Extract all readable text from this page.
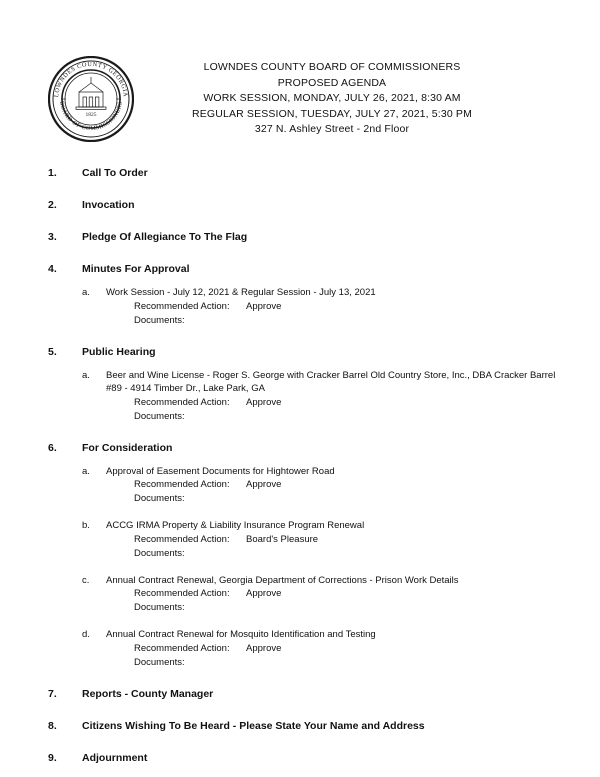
1825
LOWNDES COUNTY GEORGIA
BOARD OF COMMISSIONERS
LOWNDES COUNTY BOARD OF COMMISSIONERS
PROPOSED AGENDA
WORK SESSION, MONDAY, JULY 26, 2021, 8:30 AM
REGULAR SESSION, TUESDAY, JULY 27, 2021, 5:30 PM
327 N. Ashley Street - 2nd Floor
1.	Call To Order
2.	Invocation
3.	Pledge Of Allegiance To The Flag
4.	Minutes For Approval
a.	Work Session - July 12, 2021 & Regular Session - July 13, 2021
Recommended Action:	Approve
Documents:
5.	Public Hearing
a.	Beer and Wine License - Roger S. George with Cracker Barrel Old Country Store, Inc., DBA Cracker Barrel #89 - 4914 Timber Dr., Lake Park, GA
Recommended Action:	Approve
Documents:
6.	For Consideration
a.	Approval of Easement Documents for Hightower Road
Recommended Action:	Approve
Documents:
b.	ACCG IRMA Property & Liability Insurance Program Renewal
Recommended Action:	Board's Pleasure
Documents:
c.	Annual Contract Renewal, Georgia Department of Corrections - Prison Work Details
Recommended Action:	Approve
Documents:
d.	Annual Contract Renewal for Mosquito Identification and Testing
Recommended Action:	Approve
Documents:
7.	Reports - County Manager
8.	Citizens Wishing To Be Heard - Please State Your Name and Address
9.	Adjournment
